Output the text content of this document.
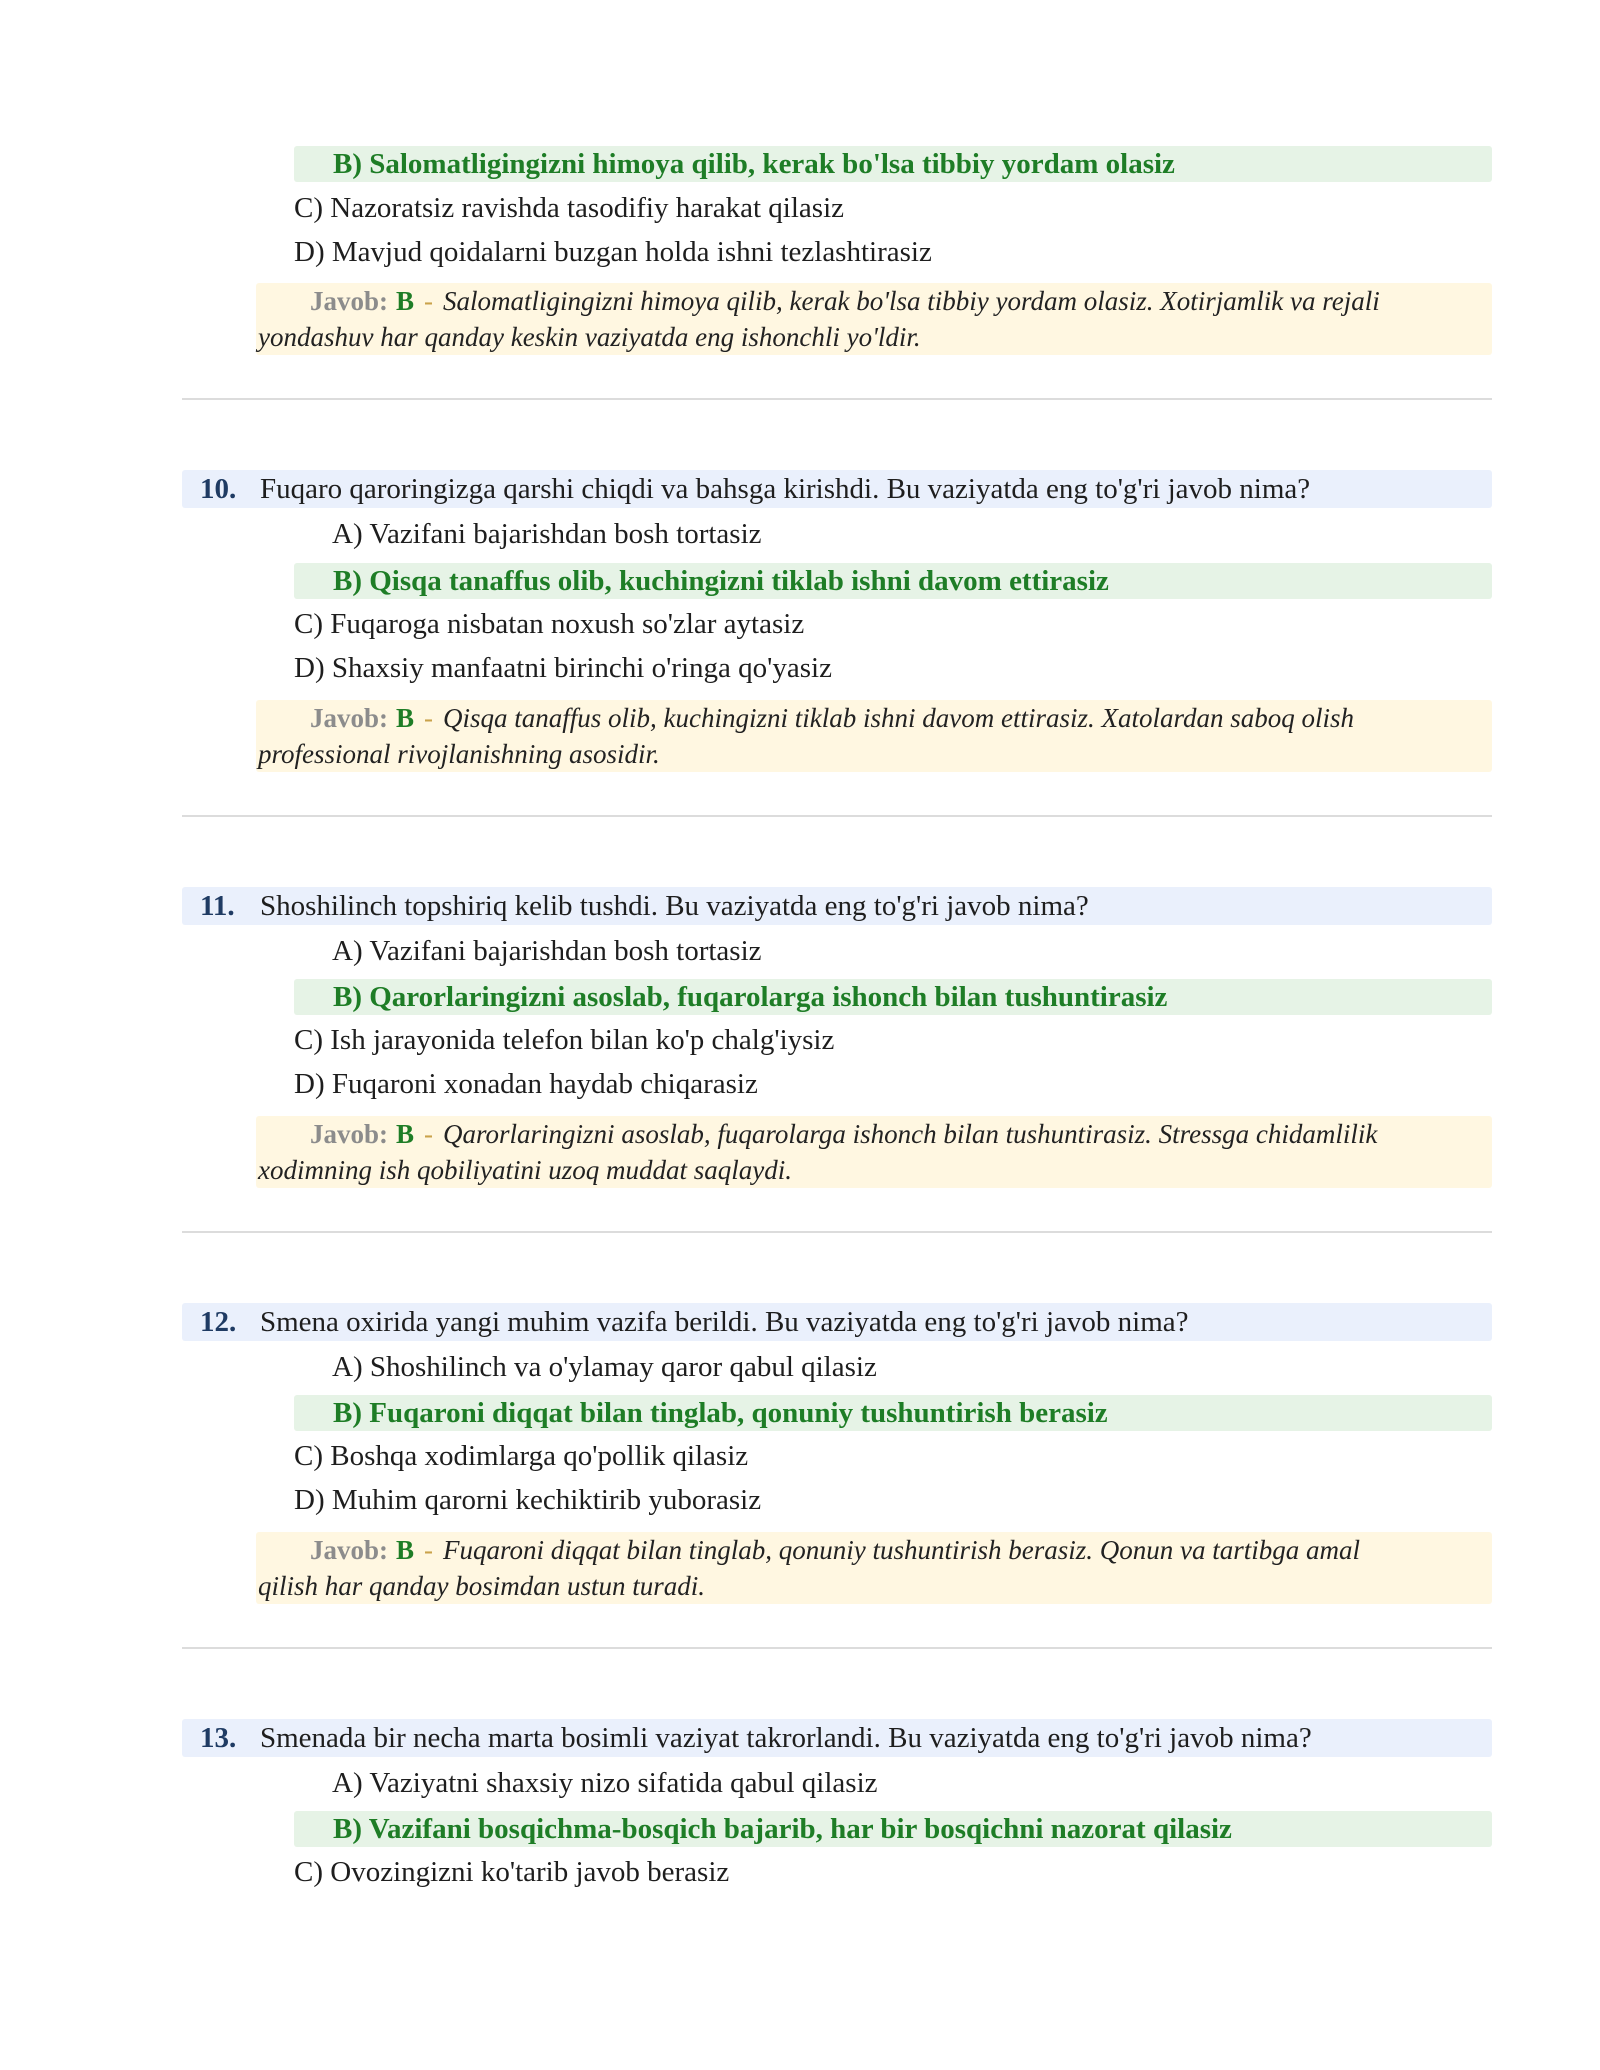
B) Salomatligingizni himoya qilib, kerak bo'lsa tibbiy yordam olasiz
C) Nazoratsiz ravishda tasodifiy harakat qilasiz
D) Mavjud qoidalarni buzgan holda ishni tezlashtirasiz
Javob: B - Salomatligingizni himoya qilib, kerak bo'lsa tibbiy yordam olasiz. Xotirjamlik va rejali
yondashuv har qanday keskin vaziyatda eng ishonchli yo'ldir.
10. Fuqaro qaroringizga qarshi chiqdi va bahsga kirishdi. Bu vaziyatda eng to'g'ri javob nima?
A) Vazifani bajarishdan bosh tortasiz
B) Qisqa tanaffus olib, kuchingizni tiklab ishni davom ettirasiz
C) Fuqaroga nisbatan noxush so'zlar aytasiz
D) Shaxsiy manfaatni birinchi o'ringa qo'yasiz
Javob: B - Qisqa tanaffus olib, kuchingizni tiklab ishni davom ettirasiz. Xatolardan saboq olish
professional rivojlanishning asosidir.
11. Shoshilinch topshiriq kelib tushdi. Bu vaziyatda eng to'g'ri javob nima?
A) Vazifani bajarishdan bosh tortasiz
B) Qarorlaringizni asoslab, fuqarolarga ishonch bilan tushuntirasiz
C) Ish jarayonida telefon bilan ko'p chalg'iysiz
D) Fuqaroni xonadan haydab chiqarasiz
Javob: B - Qarorlaringizni asoslab, fuqarolarga ishonch bilan tushuntirasiz. Stressga chidamlilik
xodimning ish qobiliyatini uzoq muddat saqlaydi.
12. Smena oxirida yangi muhim vazifa berildi. Bu vaziyatda eng to'g'ri javob nima?
A) Shoshilinch va o'ylamay qaror qabul qilasiz
B) Fuqaroni diqqat bilan tinglab, qonuniy tushuntirish berasiz
C) Boshqa xodimlarga qo'pollik qilasiz
D) Muhim qarorni kechiktirib yuborasiz
Javob: B - Fuqaroni diqqat bilan tinglab, qonuniy tushuntirish berasiz. Qonun va tartibga amal
qilish har qanday bosimdan ustun turadi.
13. Smenada bir necha marta bosimli vaziyat takrorlandi. Bu vaziyatda eng to'g'ri javob nima?
A) Vaziyatni shaxsiy nizo sifatida qabul qilasiz
B) Vazifani bosqichma-bosqich bajarib, har bir bosqichni nazorat qilasiz
C) Ovozingizni ko'tarib javob berasiz
